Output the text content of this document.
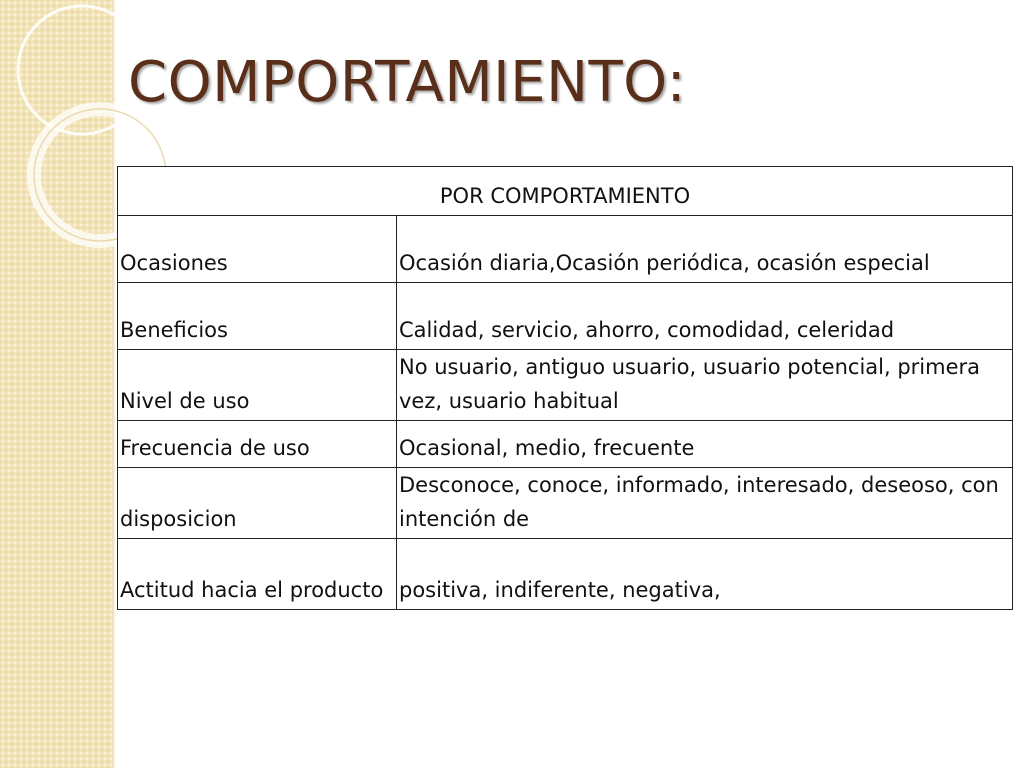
COMPORTAMIENTO:
POR COMPORTAMIENTO	
Ocasiones	Ocasión diaria,Ocasión periódica, ocasión especial
Beneficios	Calidad, servicio, ahorro, comodidad, celeridad
Nivel de uso	No usuario, antiguo usuario, usuario potencial, primera vez, usuario habitual
Frecuencia de uso	Ocasional, medio, frecuente
disposicion	Desconoce, conoce, informado, interesado, deseoso, con intención de
Actitud hacia el producto	positiva, indiferente, negativa,
